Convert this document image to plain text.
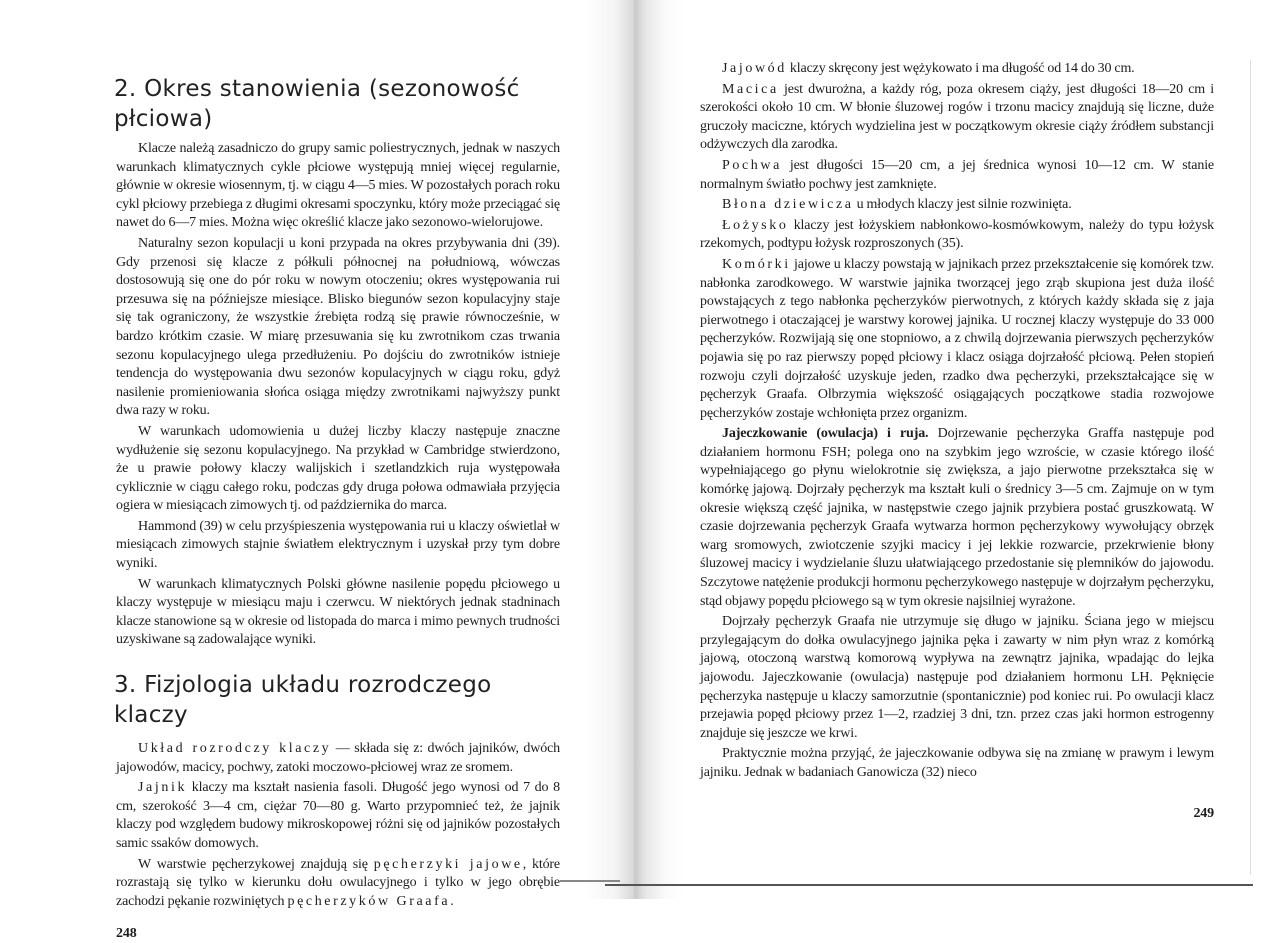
2. Okres stanowienia (sezonowość płciowa)

Klacze należą zasadniczo do grupy samic poliestrycznych, jednak w naszych warunkach klimatycznych cykle płciowe występują mniej więcej regularnie, głównie w okresie wiosennym, tj. w ciągu 4—5 mies. W pozostałych porach roku cykl płciowy przebiega z długimi okresami spoczynku, który może przeciągać się nawet do 6—7 mies. Można więc określić klacze jako sezonowo-wielorujowe.

Naturalny sezon kopulacji u koni przypada na okres przybywania dni (39). Gdy przenosi się klacze z półkuli północnej na południową, wówczas dostosowują się one do pór roku w nowym otoczeniu; okres występowania rui przesuwa się na późniejsze miesiące. Blisko biegunów sezon kopulacyjny staje się tak ograniczony, że wszystkie źrebięta rodzą się prawie równocześnie, w bardzo krótkim czasie. W miarę przesuwania się ku zwrotnikom czas trwania sezonu kopulacyjnego ulega przedłużeniu. Po dojściu do zwrotników istnieje tendencja do występowania dwu sezonów kopulacyjnych w ciągu roku, gdyż nasilenie promieniowania słońca osiąga między zwrotnikami najwyższy punkt dwa razy w roku.

W warunkach udomowienia u dużej liczby klaczy następuje znaczne wydłużenie się sezonu kopulacyjnego. Na przykład w Cambridge stwierdzono, że u prawie połowy klaczy walijskich i szetlandzkich ruja występowała cyklicznie w ciągu całego roku, podczas gdy druga połowa odmawiała przyjęcia ogiera w miesiącach zimowych tj. od października do marca.

Hammond (39) w celu przyśpieszenia występowania rui u klaczy oświetlał w miesiącach zimowych stajnie światłem elektrycznym i uzyskał przy tym dobre wyniki.

W warunkach klimatycznych Polski główne nasilenie popędu płciowego u klaczy występuje w miesiącu maju i czerwcu. W niektórych jednak stadninach klacze stanowione są w okresie od listopada do marca i mimo pewnych trudności uzyskiwane są zadowalające wyniki.

3. Fizjologia układu rozrodczego klaczy

Układ rozrodczy klaczy — składa się z: dwóch jajników, dwóch jajowodów, macicy, pochwy, zatoki moczowo-płciowej wraz ze sromem.

Jajnik klaczy ma kształt nasienia fasoli. Długość jego wynosi od 7 do 8 cm, szerokość 3—4 cm, ciężar 70—80 g. Warto przypomnieć też, że jajnik klaczy pod względem budowy mikroskopowej różni się od jajników pozostałych samic ssaków domowych.

W warstwie pęcherzykowej znajdują się pęcherzyki jajowe, które rozrastają się tylko w kierunku dołu owulacyjnego i tylko w jego obrębie zachodzi pękanie rozwiniętych pęcherzyków Graafa.

248

Jajowód klaczy skręcony jest wężykowato i ma długość od 14 do 30 cm.

Macica jest dwurożna, a każdy róg, poza okresem ciąży, jest długości 18—20 cm i szerokości około 10 cm. W błonie śluzowej rogów i trzonu macicy znajdują się liczne, duże gruczoły maciczne, których wydzielina jest w początkowym okresie ciąży źródłem substancji odżywczych dla zarodka.

Pochwa jest długości 15—20 cm, a jej średnica wynosi 10—12 cm. W stanie normalnym światło pochwy jest zamknięte.

Błona dziewicza u młodych klaczy jest silnie rozwinięta.

Łożysko klaczy jest łożyskiem nabłonkowo-kosmówkowym, należy do typu łożysk rzekomych, podtypu łożysk rozproszonych (35).

Komórki jajowe u klaczy powstają w jajnikach przez przekształcenie się komórek tzw. nabłonka zarodkowego. W warstwie jajnika tworzącej jego zrąb skupiona jest duża ilość powstających z tego nabłonka pęcherzyków pierwotnych, z których każdy składa się z jaja pierwotnego i otaczającej je warstwy korowej jajnika. U rocznej klaczy występuje do 33 000 pęcherzyków. Rozwijają się one stopniowo, a z chwilą dojrzewania pierwszych pęcherzyków pojawia się po raz pierwszy popęd płciowy i klacz osiąga dojrzałość płciową. Pełen stopień rozwoju czyli dojrzałość uzyskuje jeden, rzadko dwa pęcherzyki, przekształcające się w pęcherzyk Graafa. Olbrzymia większość osiągających początkowe stadia rozwojowe pęcherzyków zostaje wchłonięta przez organizm.

Jajeczkowanie (owulacja) i ruja. Dojrzewanie pęcherzyka Graffa następuje pod działaniem hormonu FSH; polega ono na szybkim jego wzroście, w czasie którego ilość wypełniającego go płynu wielokrotnie się zwiększa, a jajo pierwotne przekształca się w komórkę jajową. Dojrzały pęcherzyk ma kształt kuli o średnicy 3—5 cm. Zajmuje on w tym okresie większą część jajnika, w następstwie czego jajnik przybiera postać gruszkowatą. W czasie dojrzewania pęcherzyk Graafa wytwarza hormon pęcherzykowy wywołujący obrzęk warg sromowych, zwiotczenie szyjki macicy i jej lekkie rozwarcie, przekrwienie błony śluzowej macicy i wydzielanie śluzu ułatwiającego przedostanie się plemników do jajowodu. Szczytowe natężenie produkcji hormonu pęcherzykowego następuje w dojrzałym pęcherzyku, stąd objawy popędu płciowego są w tym okresie najsilniej wyrażone.

Dojrzały pęcherzyk Graafa nie utrzymuje się długo w jajniku. Ściana jego w miejscu przylegającym do dołka owulacyjnego jajnika pęka i zawarty w nim płyn wraz z komórką jajową, otoczoną warstwą komorową wypływa na zewnątrz jajnika, wpadając do lejka jajowodu. Jajeczkowanie (owulacja) następuje pod działaniem hormonu LH. Pęknięcie pęcherzyka następuje u klaczy samorzutnie (spontanicznie) pod koniec rui. Po owulacji klacz przejawia popęd płciowy przez 1—2, rzadziej 3 dni, tzn. przez czas jaki hormon estrogenny znajduje się jeszcze we krwi.

Praktycznie można przyjąć, że jajeczkowanie odbywa się na zmianę w prawym i lewym jajniku. Jednak w badaniach Ganowicza (32) nieco

249
